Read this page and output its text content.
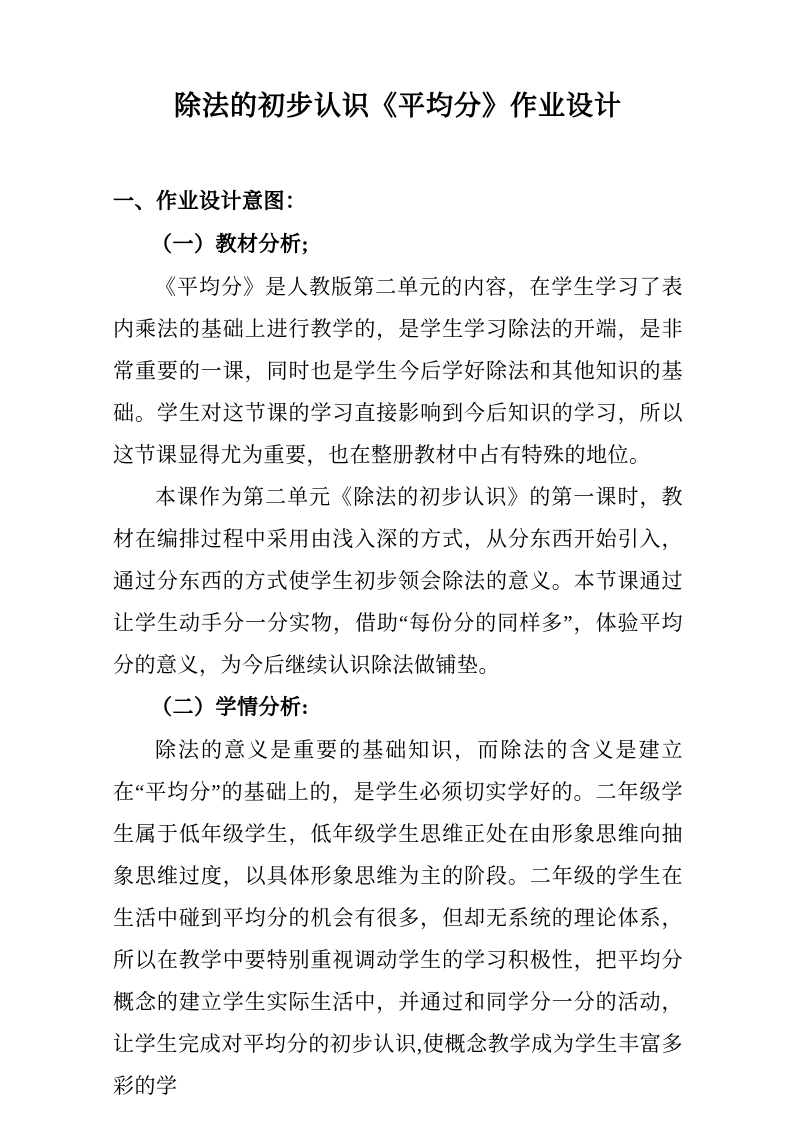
除法的初步认识《平均分》作业设计
一、作业设计意图：
（一）教材分析;

《平均分》是人教版第二单元的内容，在学生学习了表内乘法的基础上进行教学的，是学生学习除法的开端，是非常重要的一课，同时也是学生今后学好除法和其他知识的基础。学生对这节课的学习直接影响到今后知识的学习，所以这节课显得尤为重要，也在整册教材中占有特殊的地位。

本课作为第二单元《除法的初步认识》的第一课时，教材在编排过程中采用由浅入深的方式，从分东西开始引入，通过分东西的方式使学生初步领会除法的意义。本节课通过让学生动手分一分实物，借助“每份分的同样多”，体验平均分的意义，为今后继续认识除法做铺垫。

（二）学情分析:

除法的意义是重要的基础知识，而除法的含义是建立在“平均分”的基础上的，是学生必须切实学好的。二年级学生属于低年级学生，低年级学生思维正处在由形象思维向抽象思维过度，以具体形象思维为主的阶段。二年级的学生在生活中碰到平均分的机会有很多，但却无系统的理论体系，所以在教学中要特别重视调动学生的学习积极性，把平均分概念的建立学生实际生活中，并通过和同学分一分的活动，让学生完成对平均分的初步认识,使概念教学成为学生丰富多彩的学
